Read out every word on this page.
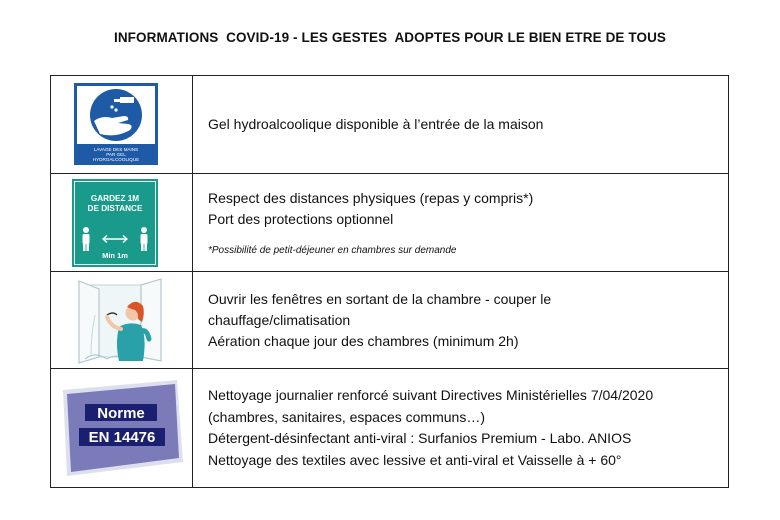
INFORMATIONS  COVID-19 - LES GESTES  ADOPTES POUR LE BIEN ETRE DE TOUS
LAVAGE DES MAINS
PAR GEL
HYDROALCOOLIQUE
Gel hydroalcoolique disponible à l’entrée de la maison
GARDEZ 1M
DE DISTANCE
Min 1m
Respect des distances physiques (repas y compris*)
Port des protections optionnel
*Possibilité de petit-déjeuner en chambres sur demande
Ouvrir les fenêtres en sortant de la chambre - couper le
chauffage/climatisation
Aération chaque jour des chambres (minimum 2h)
Norme
EN 14476
Nettoyage journalier renforcé suivant Directives Ministérielles 7/04/2020
(chambres, sanitaires, espaces communs…)
Détergent-désinfectant anti-viral : Surfanios Premium - Labo. ANIOS
Nettoyage des textiles avec lessive et anti-viral et Vaisselle à + 60°
